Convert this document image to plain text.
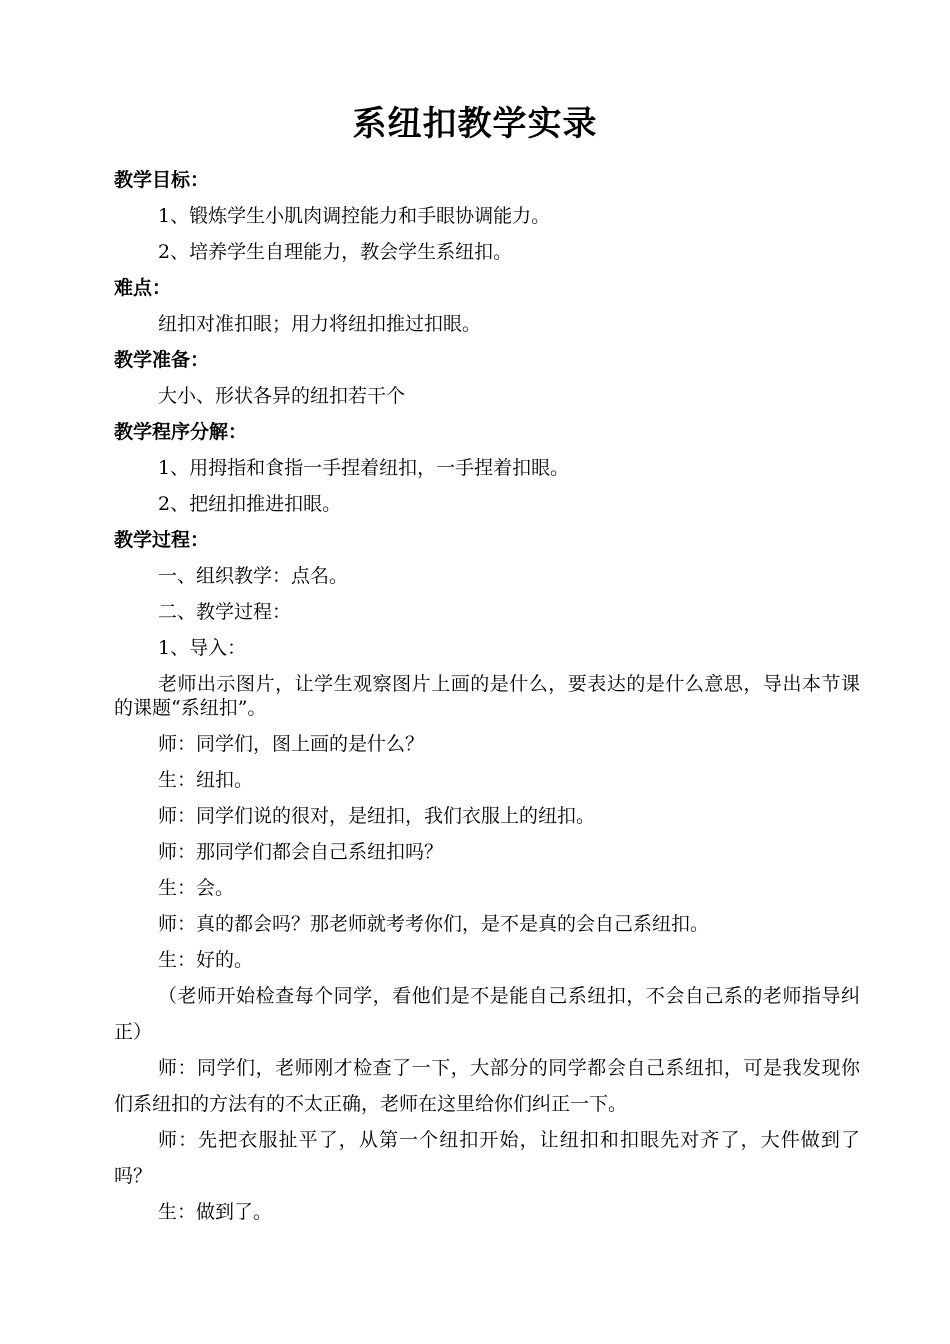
系纽扣教学实录
教学目标：
1、锻炼学生小肌肉调控能力和手眼协调能力。
2、培养学生自理能力，教会学生系纽扣。
难点：
纽扣对准扣眼；用力将纽扣推过扣眼。
教学准备：
大小、形状各异的纽扣若干个
教学程序分解：
1、用拇指和食指一手捏着纽扣，一手捏着扣眼。
2、把纽扣推进扣眼。
教学过程：
一、组织教学：点名。
二、教学过程：
1、导入：
老师出示图片，让学生观察图片上画的是什么，要表达的是什么意思，导出本节课的课题“系纽扣”。
师：同学们，图上画的是什么？
生：纽扣。
师：同学们说的很对，是纽扣，我们衣服上的纽扣。
师：那同学们都会自己系纽扣吗？
生：会。
师：真的都会吗？那老师就考考你们，是不是真的会自己系纽扣。
生：好的。
（老师开始检查每个同学，看他们是不是能自己系纽扣，不会自己系的老师指导纠正）
师：同学们，老师刚才检查了一下，大部分的同学都会自己系纽扣，可是我发现你们系纽扣的方法有的不太正确，老师在这里给你们纠正一下。
师：先把衣服扯平了，从第一个纽扣开始，让纽扣和扣眼先对齐了，大件做到了吗？
生：做到了。
